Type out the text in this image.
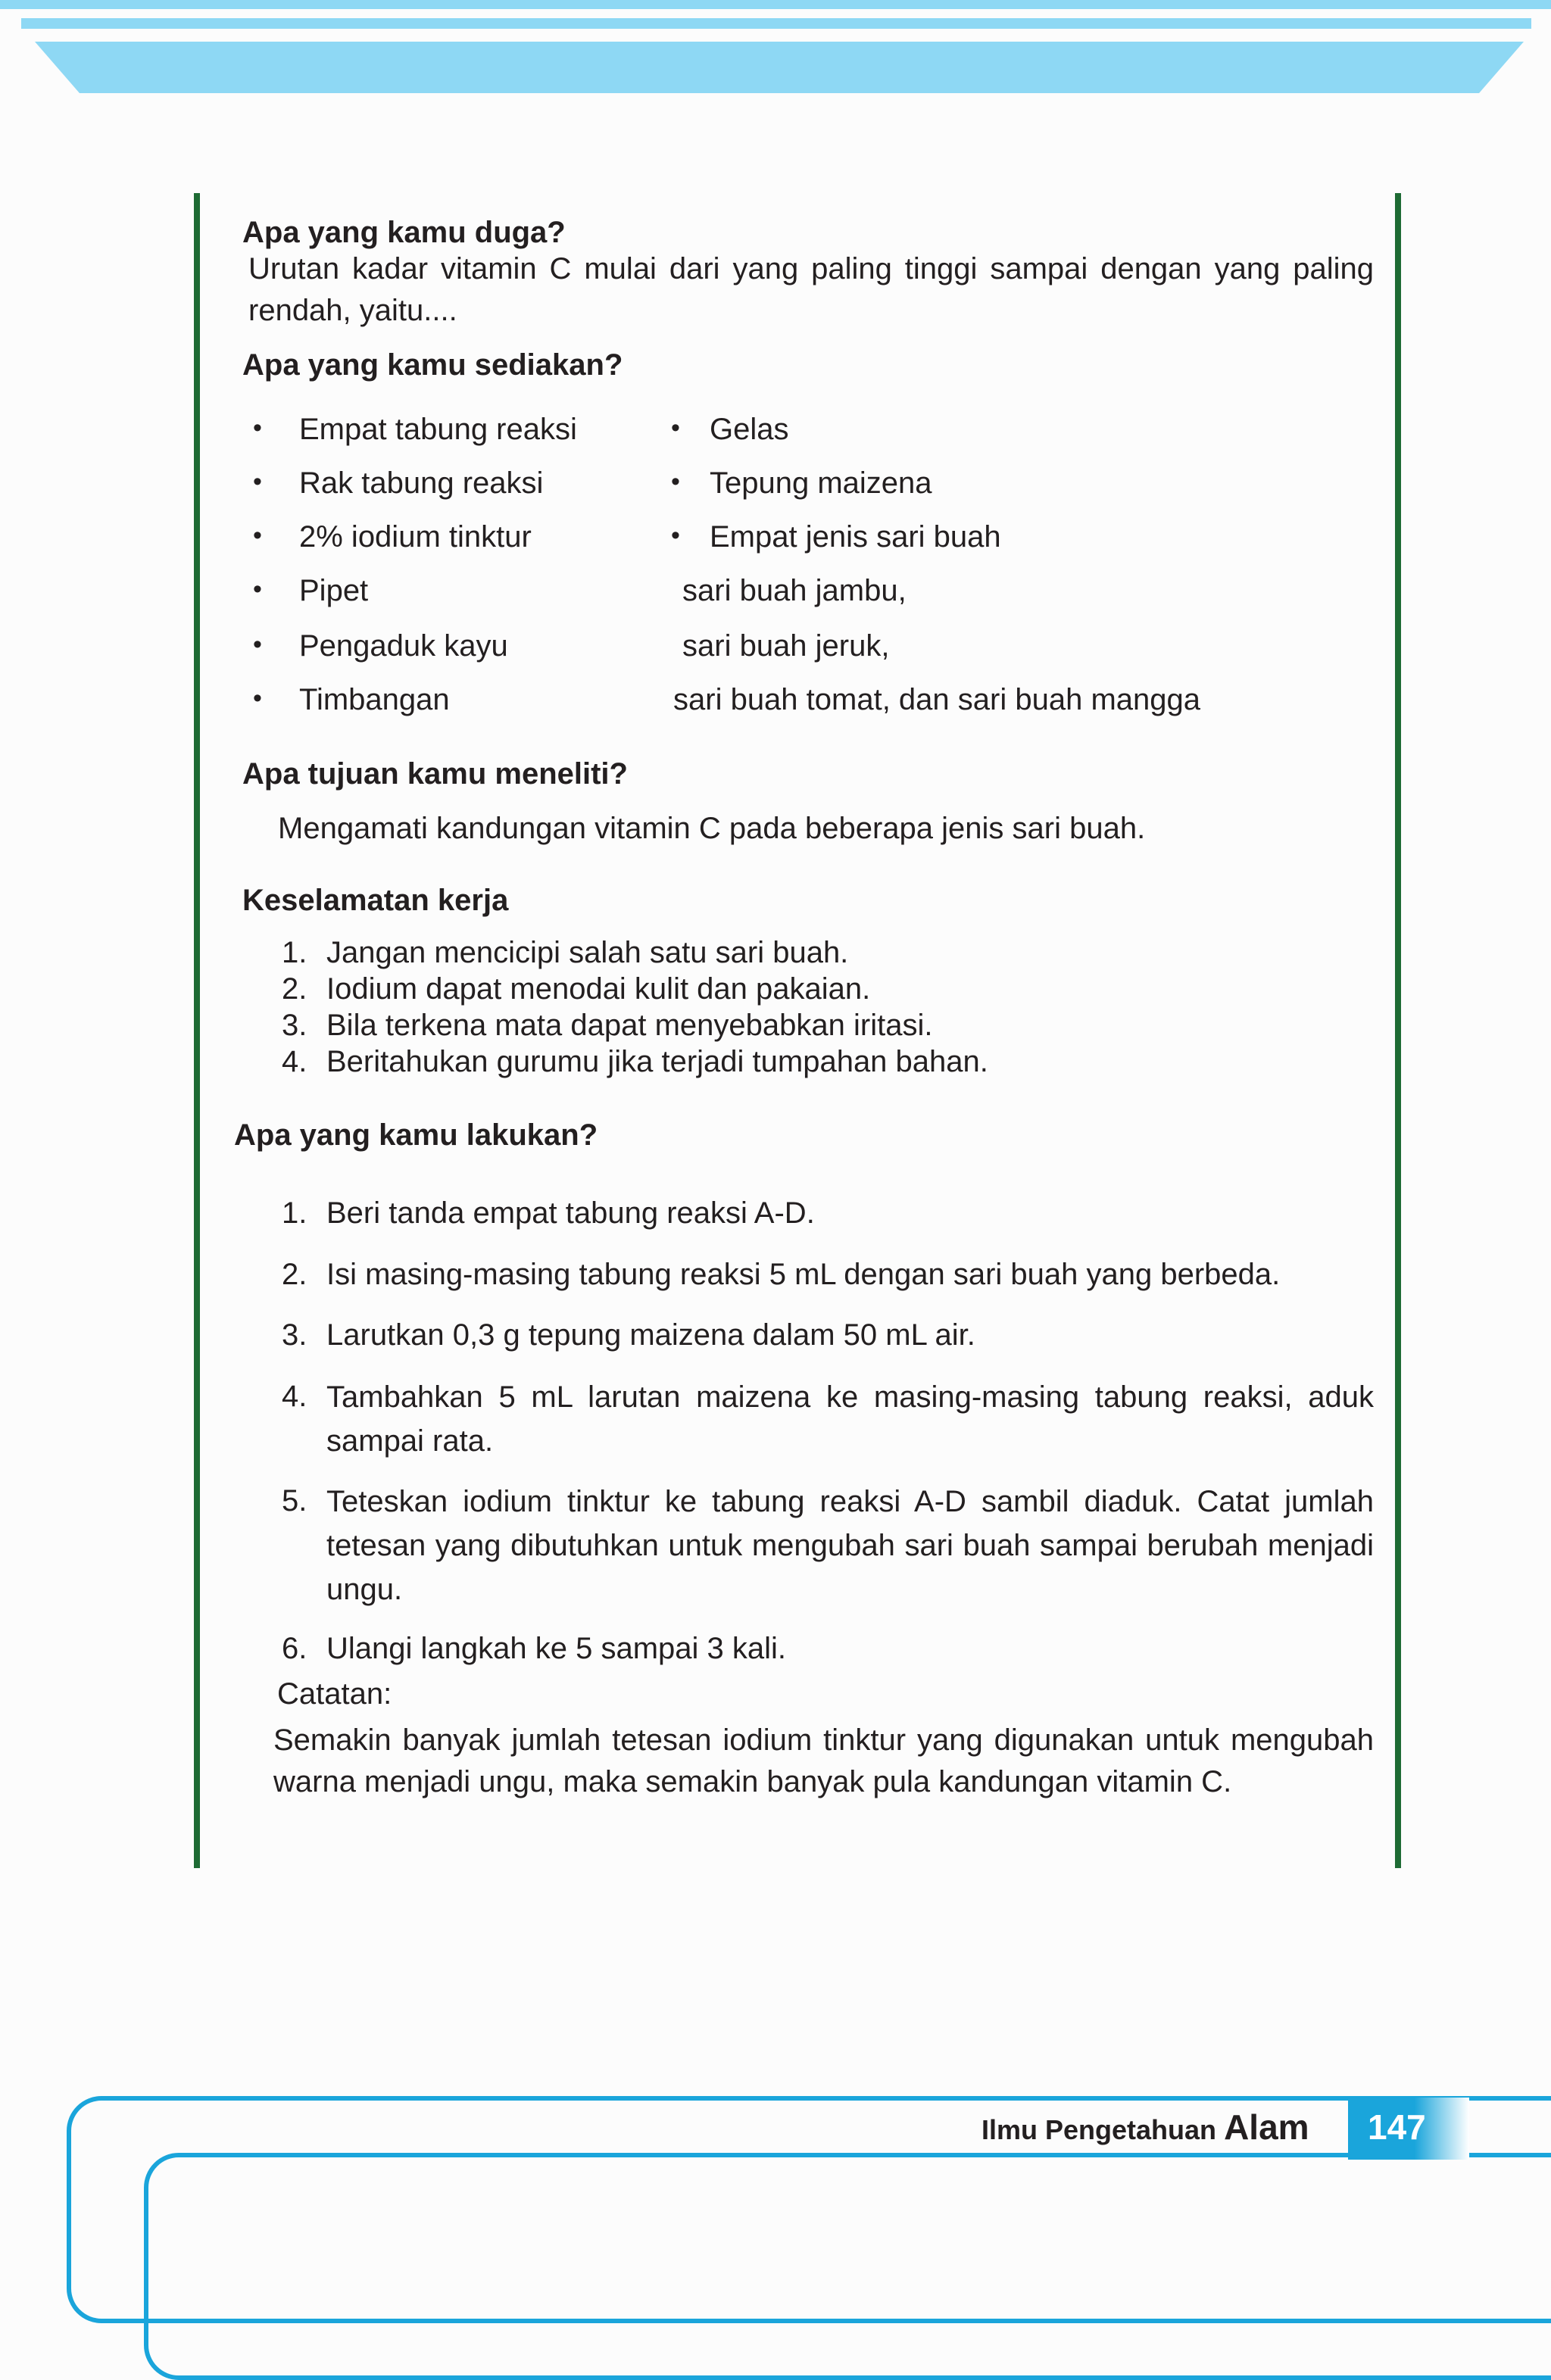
Apa yang kamu duga?
Urutan kadar vitamin C mulai dari yang paling tinggi sampai dengan yang paling rendah, yaitu....
Apa yang kamu sediakan?
• Empat tabung reaksi
• Rak tabung reaksi
• 2% iodium tinktur
• Pipet
• Pengaduk kayu
• Timbangan
• Gelas
• Tepung maizena
• Empat jenis sari buah
sari buah jambu,
sari buah jeruk,
sari buah tomat, dan sari buah mangga
Apa tujuan kamu meneliti?
Mengamati kandungan vitamin C pada beberapa jenis sari buah.
Keselamatan kerja
1. Jangan mencicipi salah satu sari buah.
2. Iodium dapat menodai kulit dan pakaian.
3. Bila terkena mata dapat menyebabkan iritasi.
4. Beritahukan gurumu jika terjadi tumpahan bahan.
Apa yang kamu lakukan?
1. Beri tanda empat tabung reaksi A-D.
2. Isi masing-masing tabung reaksi 5 mL dengan sari buah yang berbeda.
3. Larutkan 0,3 g tepung maizena dalam 50 mL air.
4. Tambahkan 5 mL larutan maizena ke masing-masing tabung reaksi, aduk sampai rata.
5. Teteskan iodium tinktur ke tabung reaksi A-D sambil diaduk. Catat jumlah tetesan yang dibutuhkan untuk mengubah sari buah sampai berubah menjadi ungu.
6. Ulangi langkah ke 5 sampai 3 kali.
Catatan:
Semakin banyak jumlah tetesan iodium tinktur yang digunakan untuk mengubah warna menjadi ungu, maka semakin banyak pula kandungan vitamin C.
Ilmu Pengetahuan Alam 147
